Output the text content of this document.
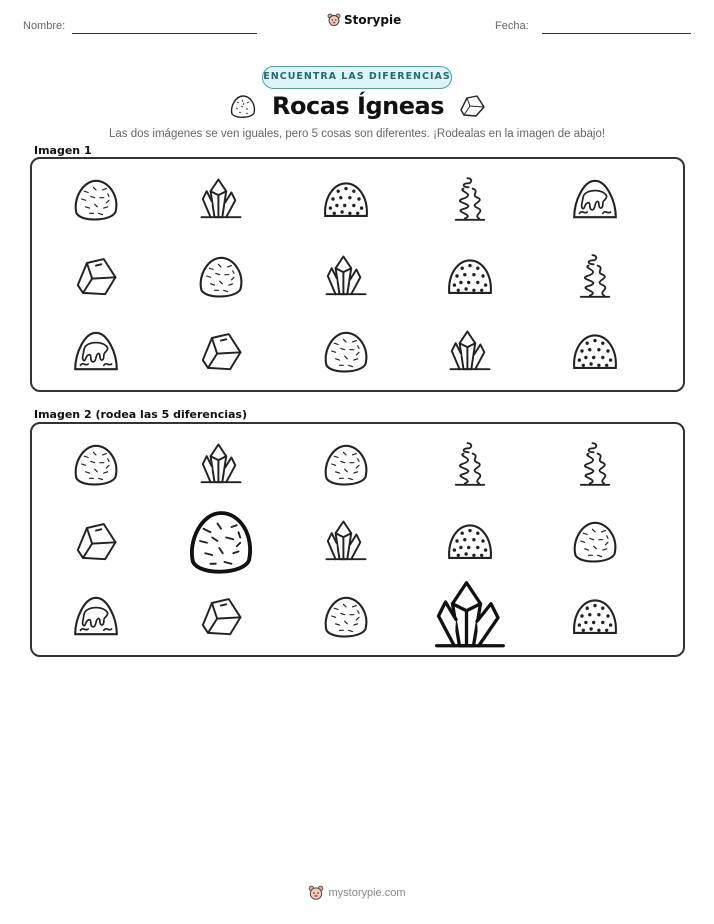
Nombre:	Storypie	Fecha:
ENCUENTRA LAS DIFERENCIAS
Rocas Ígneas
Las dos imágenes se ven iguales, pero 5 cosas son diferentes. ¡Rodealas en la imagen de abajo!
Imagen 1
Imagen 2 (rodea las 5 diferencias)
mystorypie.com
